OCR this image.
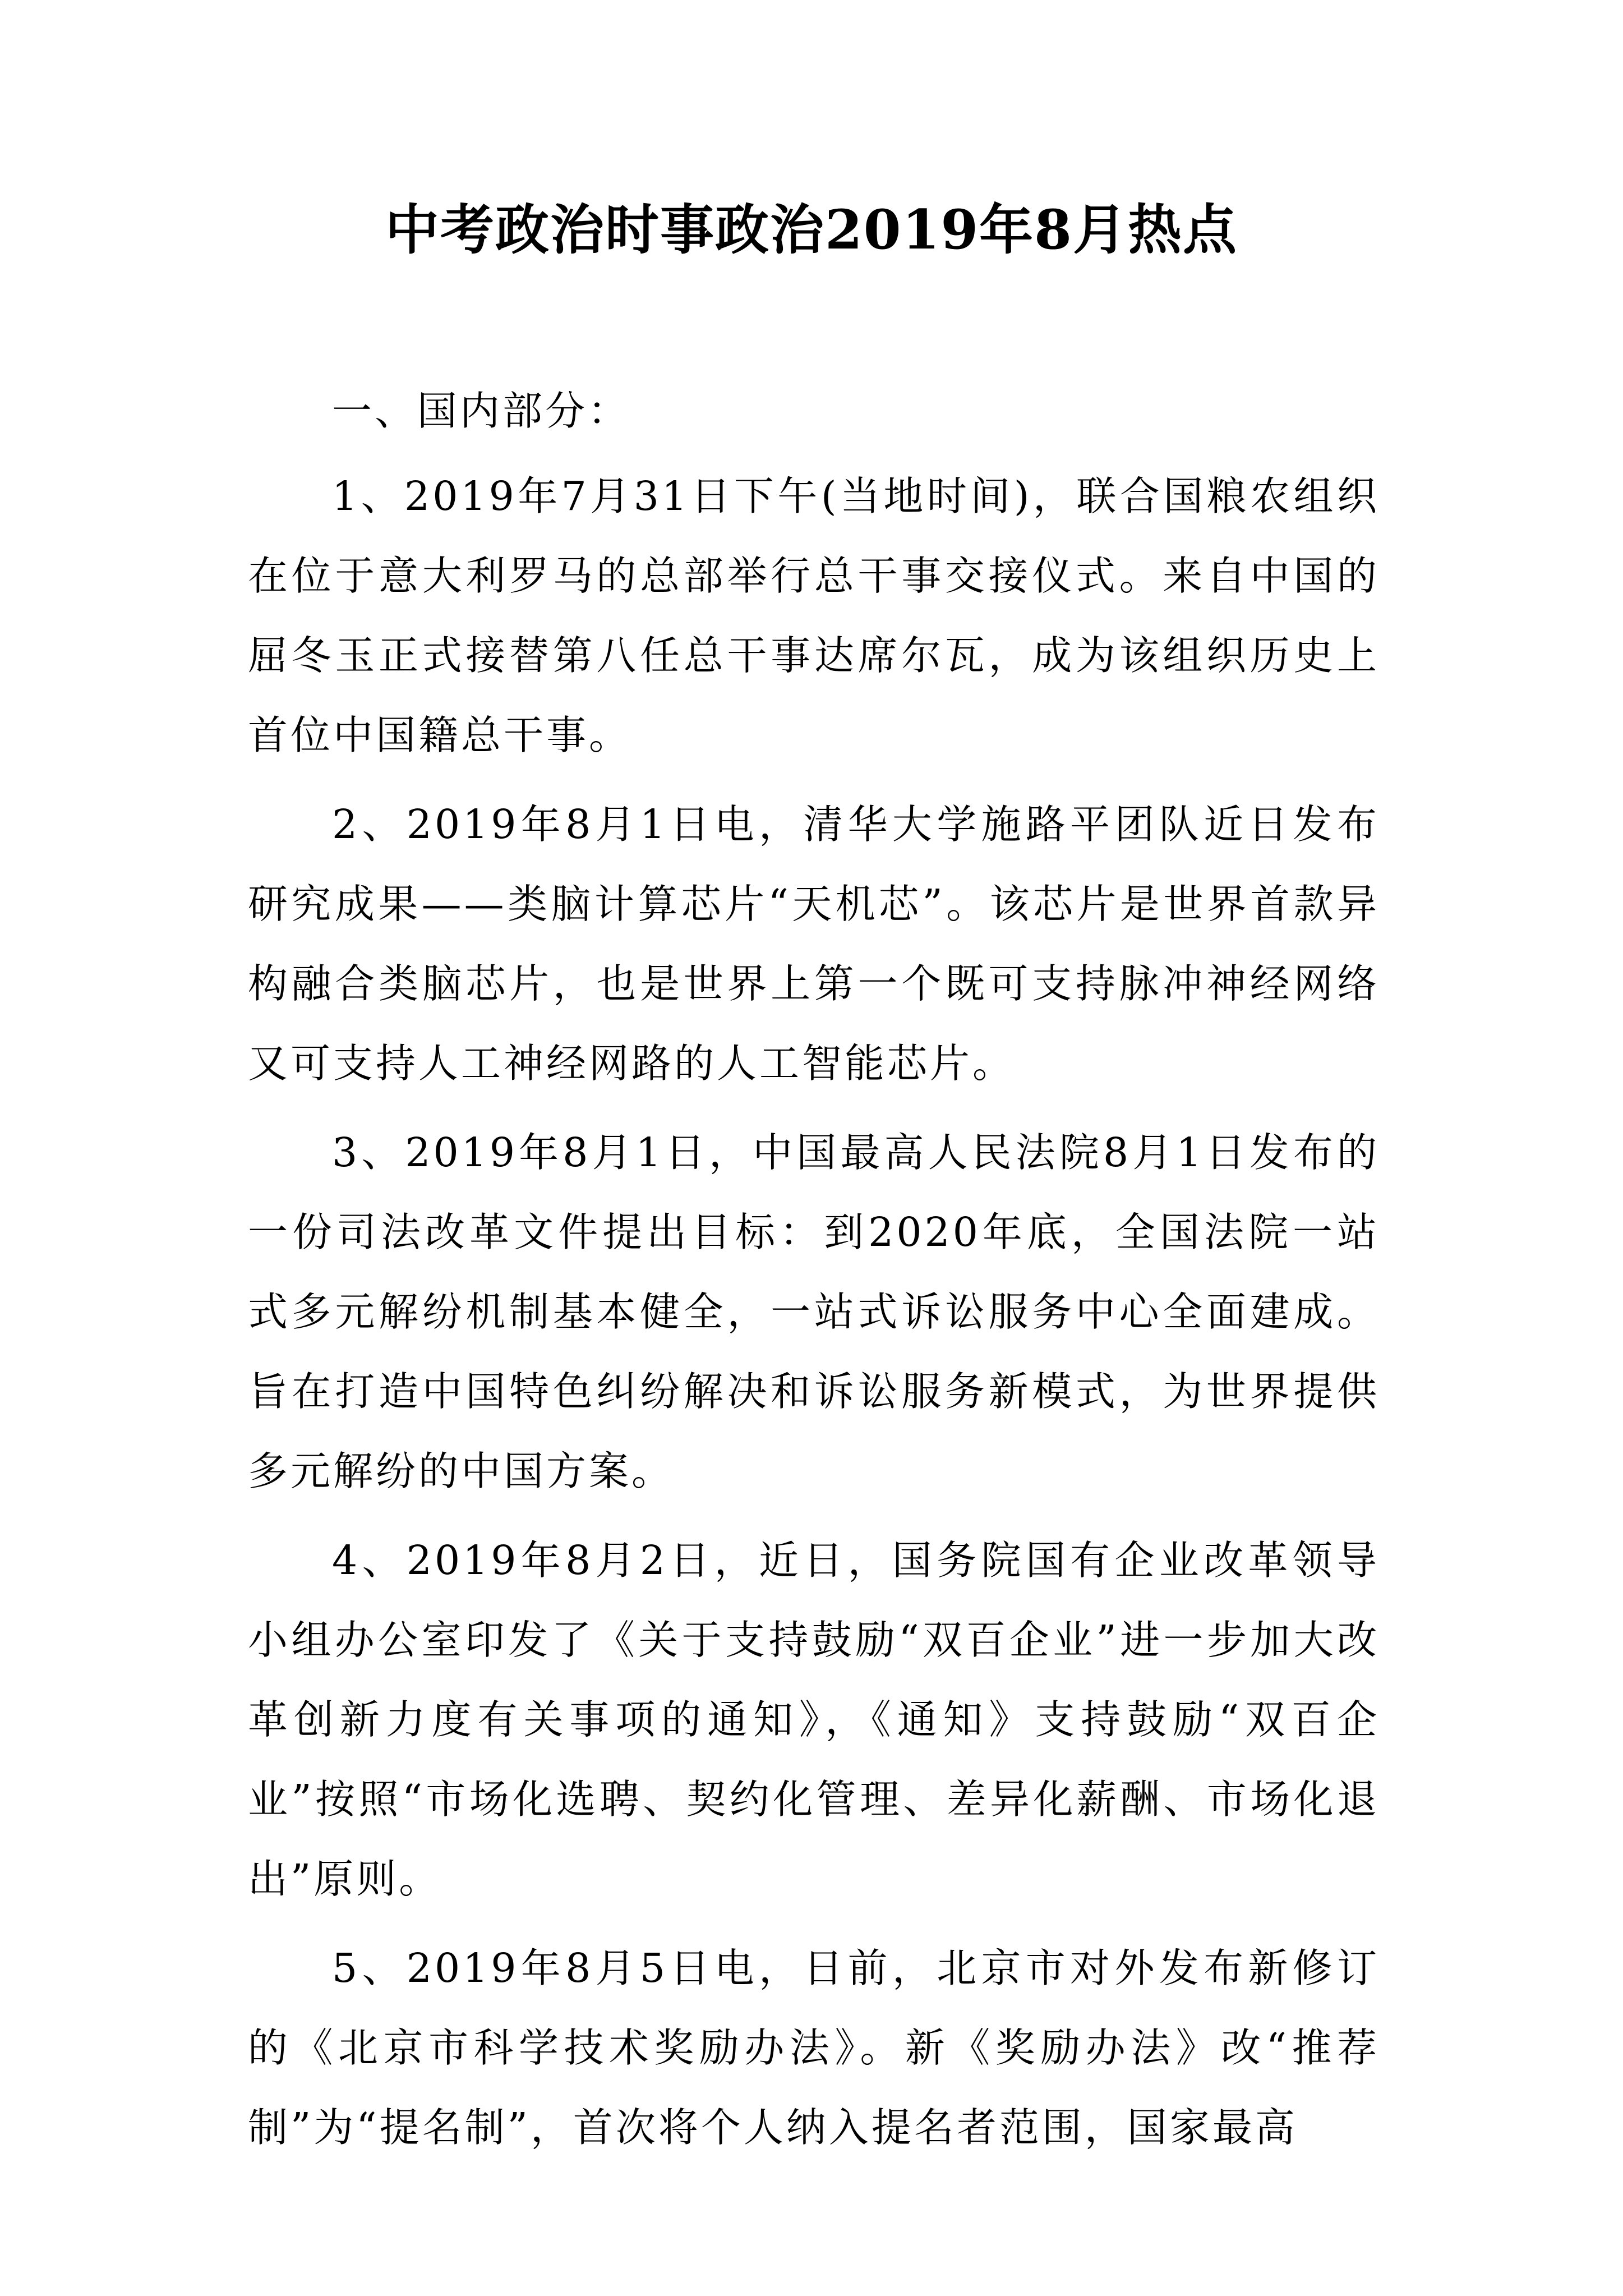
中考政治时事政治2019年8月热点

一、国内部分：

1、2019年7月31日下午(当地时间)，联合国粮农组织在位于意大利罗马的总部举行总干事交接仪式。来自中国的屈冬玉正式接替第八任总干事达席尔瓦，成为该组织历史上首位中国籍总干事。

2、2019年8月1日电，清华大学施路平团队近日发布研究成果——类脑计算芯片“天机芯”。该芯片是世界首款异构融合类脑芯片，也是世界上第一个既可支持脉冲神经网络又可支持人工神经网路的人工智能芯片。

3、2019年8月1日，中国最高人民法院8月1日发布的一份司法改革文件提出目标：到2020年底，全国法院一站式多元解纷机制基本健全，一站式诉讼服务中心全面建成。旨在打造中国特色纠纷解决和诉讼服务新模式，为世界提供多元解纷的中国方案。

4、2019年8月2日，近日，国务院国有企业改革领导小组办公室印发了《关于支持鼓励“双百企业”进一步加大改革创新力度有关事项的通知》，《通知》支持鼓励“双百企业”按照“市场化选聘、契约化管理、差异化薪酬、市场化退出”原则。

5、2019年8月5日电，日前，北京市对外发布新修订的《北京市科学技术奖励办法》。新《奖励办法》改“推荐制”为“提名制”，首次将个人纳入提名者范围，国家最高
